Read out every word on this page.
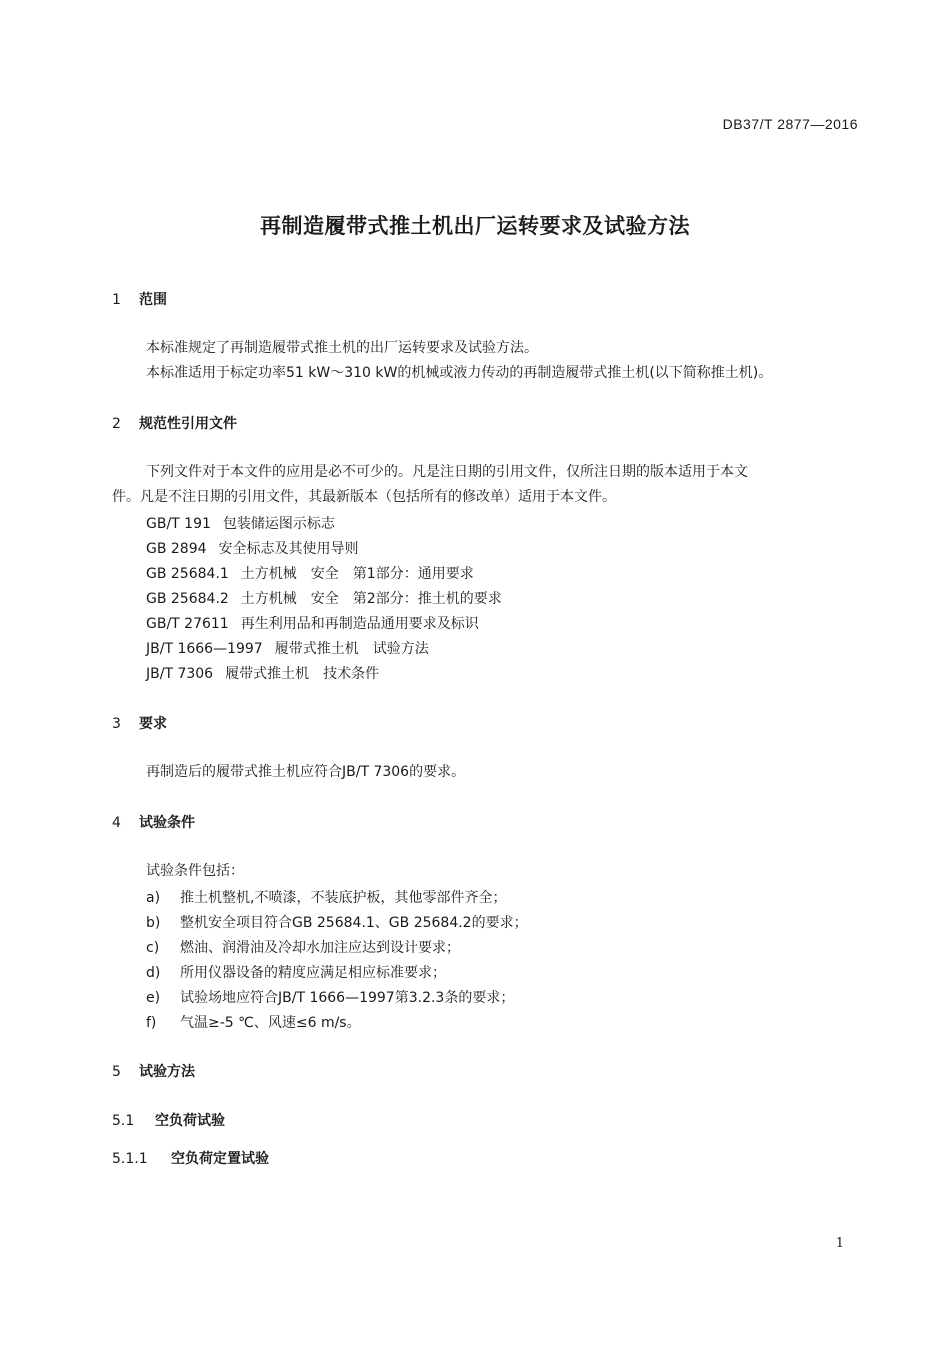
DB37/T 2877—2016
再制造履带式推土机出厂运转要求及试验方法
1 范围
本标准规定了再制造履带式推土机的出厂运转要求及试验方法。
本标准适用于标定功率51 kW～310 kW的机械或液力传动的再制造履带式推土机(以下简称推土机)。
2 规范性引用文件
下列文件对于本文件的应用是必不可少的。凡是注日期的引用文件，仅所注日期的版本适用于本文
件。凡是不注日期的引用文件，其最新版本（包括所有的修改单）适用于本文件。
GB/T 191 包装储运图示标志
GB 2894 安全标志及其使用导则
GB 25684.1 土方机械　安全　第1部分：通用要求
GB 25684.2 土方机械　安全　第2部分：推土机的要求
GB/T 27611 再生利用品和再制造品通用要求及标识
JB/T 1666—1997 履带式推土机　试验方法
JB/T 7306 履带式推土机　技术条件
3 要求
再制造后的履带式推土机应符合JB/T 7306的要求。
4 试验条件
试验条件包括：
a) 推土机整机,不喷漆，不装底护板，其他零部件齐全；
b) 整机安全项目符合GB 25684.1、GB 25684.2的要求；
c) 燃油、润滑油及冷却水加注应达到设计要求；
d) 所用仪器设备的精度应满足相应标准要求；
e) 试验场地应符合JB/T 1666—1997第3.2.3条的要求；
f) 气温≥-5 ℃、风速≤6 m/s。
5 试验方法
5.1 空负荷试验
5.1.1 空负荷定置试验
1
